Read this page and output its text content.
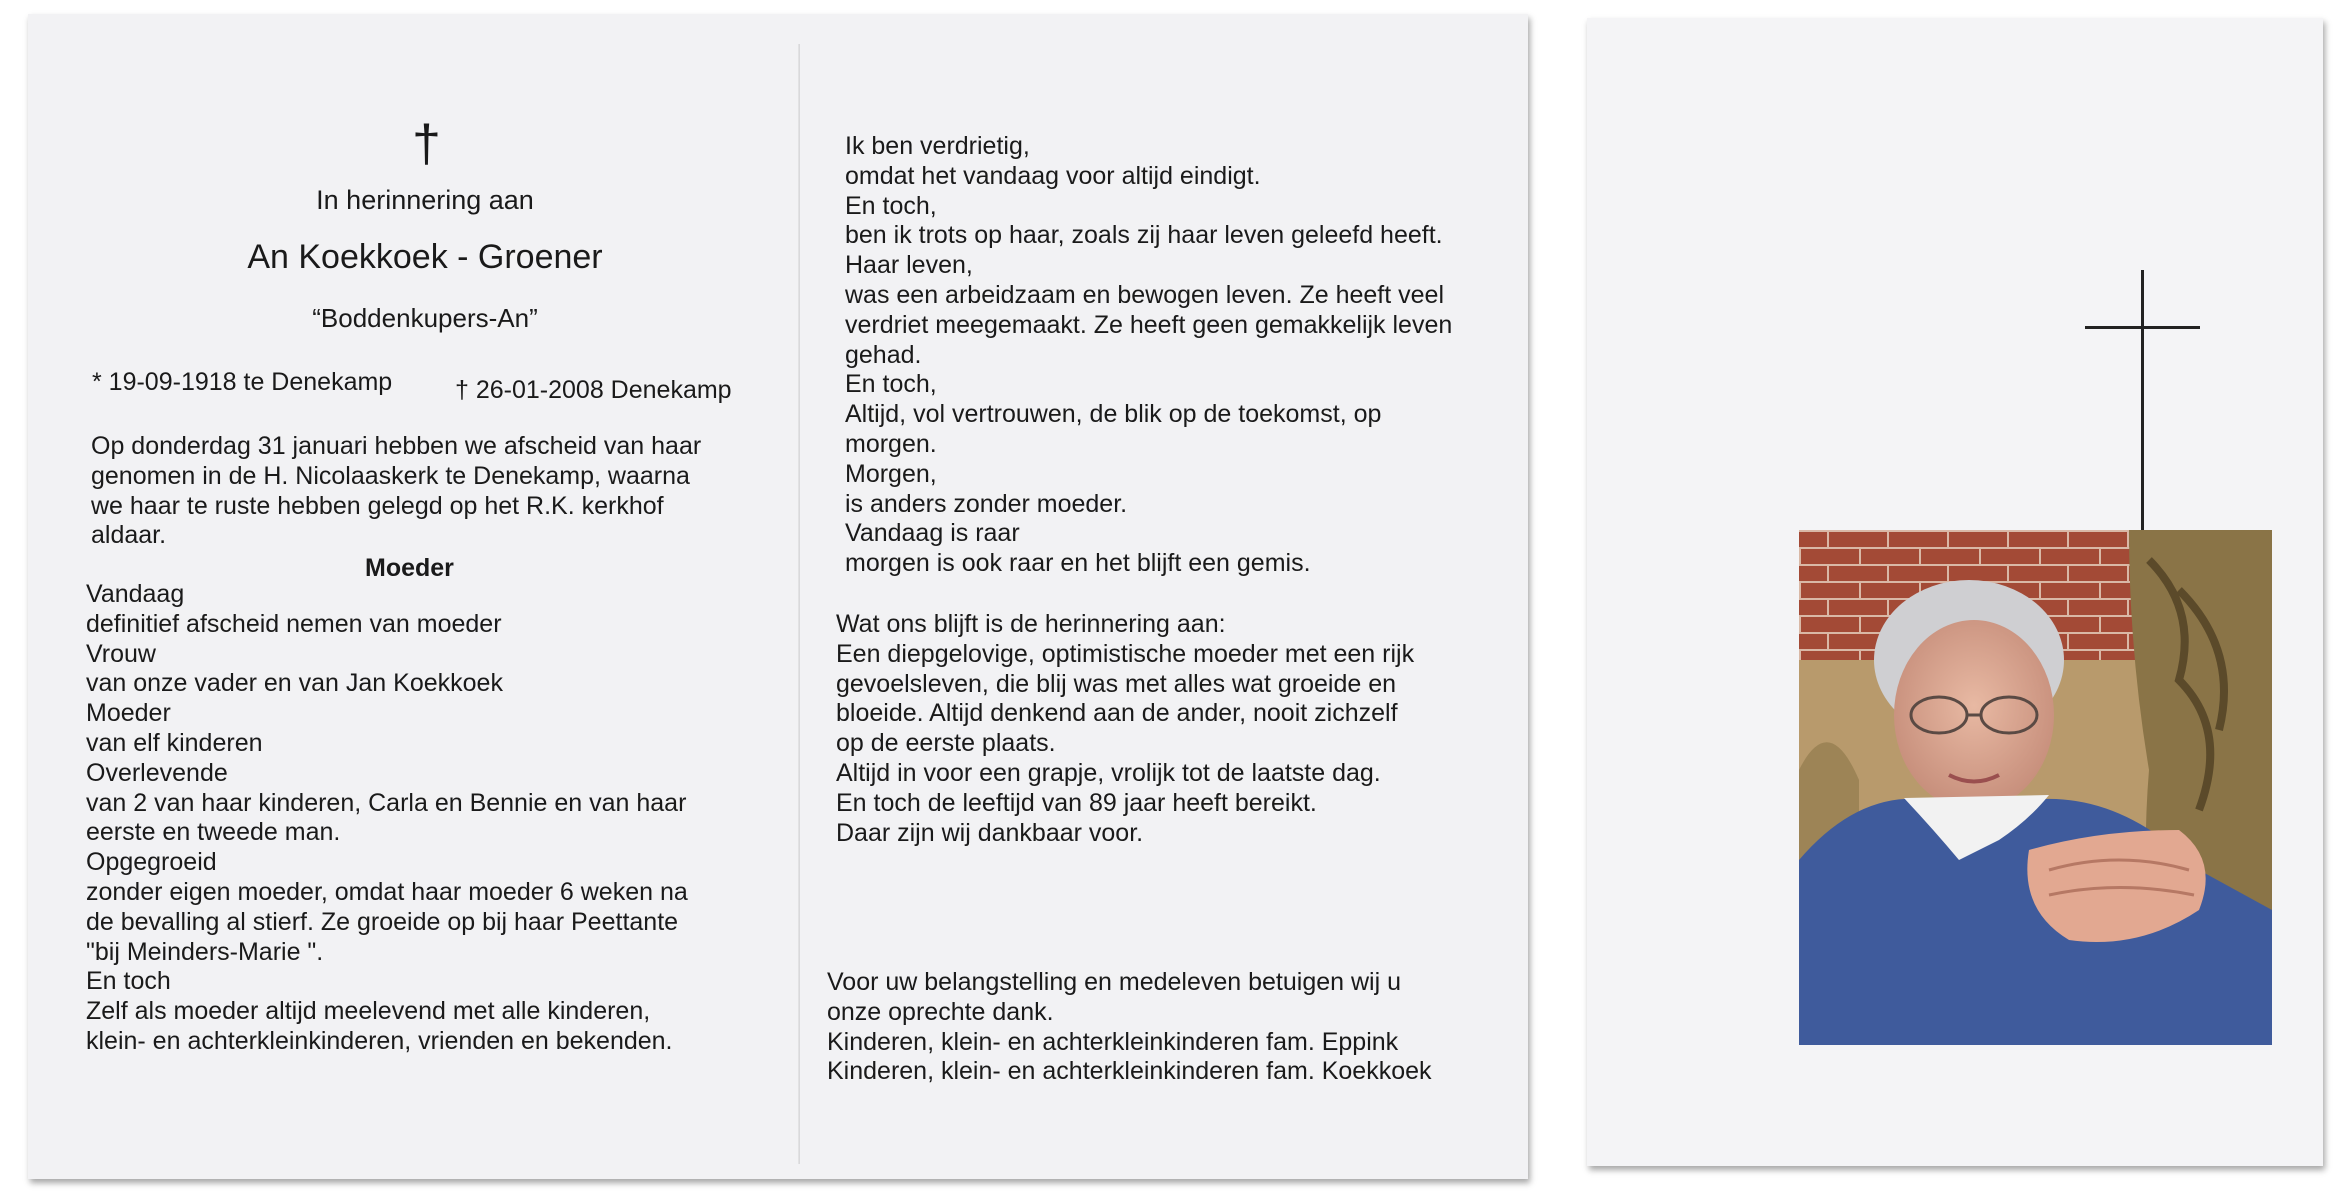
†
In herinnering aan
An Koekkoek - Groener
“Boddenkupers-An”
* 19-09-1918 te Denekamp	† 26-01-2008 Denekamp
Op donderdag 31 januari hebben we afscheid van haar
genomen in de H. Nicolaaskerk te Denekamp, waarna
we haar te ruste hebben gelegd op het R.K. kerkhof
aldaar.
Moeder
Vandaag
definitief afscheid nemen van moeder
Vrouw
van onze vader en van Jan Koekkoek
Moeder
van elf kinderen
Overlevende
van 2 van haar kinderen, Carla en Bennie en van haar
eerste en tweede man.
Opgegroeid
zonder eigen moeder, omdat haar moeder 6 weken na
de bevalling al stierf. Ze groeide op bij haar Peettante
"bij Meinders-Marie ".
En toch
Zelf als moeder altijd meelevend met alle kinderen,
klein- en achterkleinkinderen, vrienden en bekenden.
Ik ben verdrietig,
omdat het vandaag voor altijd eindigt.
En toch,
ben ik trots op haar, zoals zij haar leven geleefd heeft.
Haar leven,
was een arbeidzaam en bewogen leven. Ze heeft veel
verdriet meegemaakt. Ze heeft geen gemakkelijk leven
gehad.
En toch,
Altijd, vol vertrouwen, de blik op de toekomst, op
morgen.
Morgen,
is anders zonder moeder.
Vandaag is raar
morgen is ook raar en het blijft een gemis.
Wat ons blijft is de herinnering aan:
Een diepgelovige, optimistische moeder met een rijk
gevoelsleven, die blij was met alles wat groeide en
bloeide. Altijd denkend aan de ander, nooit zichzelf
op de eerste plaats.
Altijd in voor een grapje, vrolijk tot de laatste dag.
En toch de leeftijd van 89 jaar heeft bereikt.
Daar zijn wij dankbaar voor.
Voor uw belangstelling en medeleven betuigen wij u
onze oprechte dank.
Kinderen, klein- en achterkleinkinderen fam. Eppink
Kinderen, klein- en achterkleinkinderen fam. Koekkoek
